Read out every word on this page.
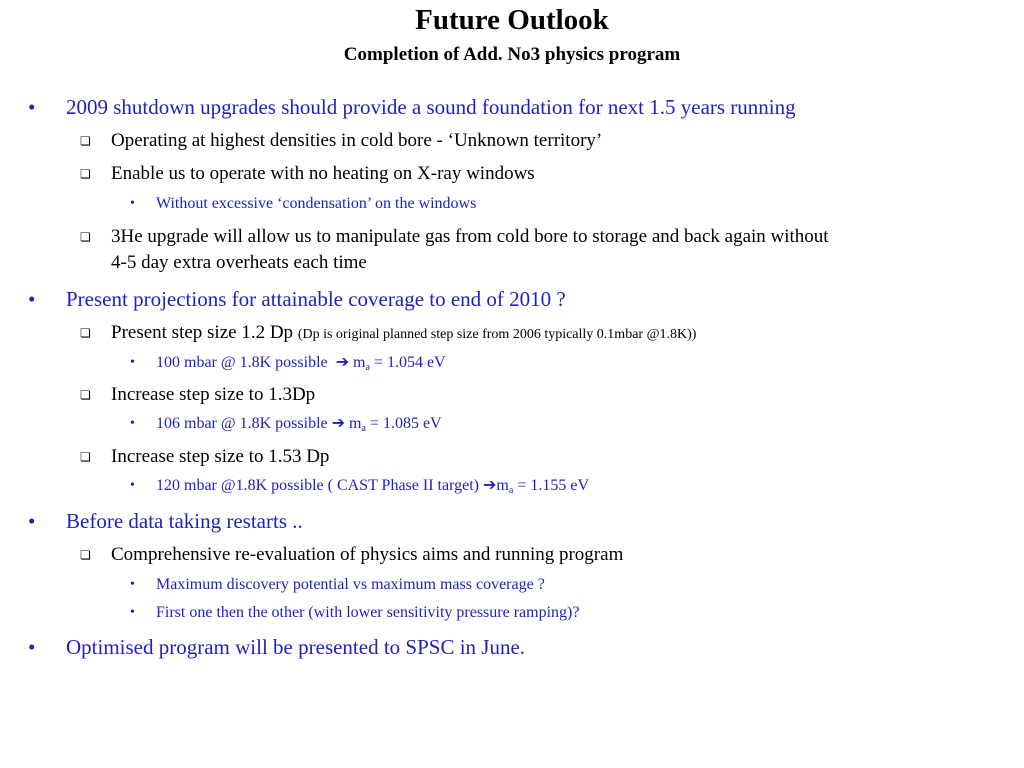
Future Outlook
Completion of Add. No3 physics program
• 2009 shutdown upgrades should provide a sound foundation for next 1.5 years running
❏ Operating at highest densities in cold bore - ‘Unknown territory’
❏ Enable us to operate with no heating on X-ray windows
• Without excessive ‘condensation’ on the windows
❏ 3He upgrade will allow us to manipulate gas from cold bore to storage and back again without
4-5 day extra overheats each time
• Present projections for attainable coverage to end of 2010 ?
❏ Present step size 1.2 Dp (Dp is original planned step size from 2006 typically 0.1mbar @1.8K))
• 100 mbar @ 1.8K possible ➔ $m_a = 1.054$ eV
❏ Increase step size to 1.3Dp
• 106 mbar @ 1.8K possible ➔ $m_a = 1.085$ eV
❏ Increase step size to 1.53 Dp
• 120 mbar @1.8K possible ( CAST Phase II target) $➔m_a = 1.155$ eV
• Before data taking restarts ..
❏ Comprehensive re-evaluation of physics aims and running program
• Maximum discovery potential vs maximum mass coverage ?
• First one then the other (with lower sensitivity pressure ramping)?
• Optimised program will be presented to SPSC in June.
